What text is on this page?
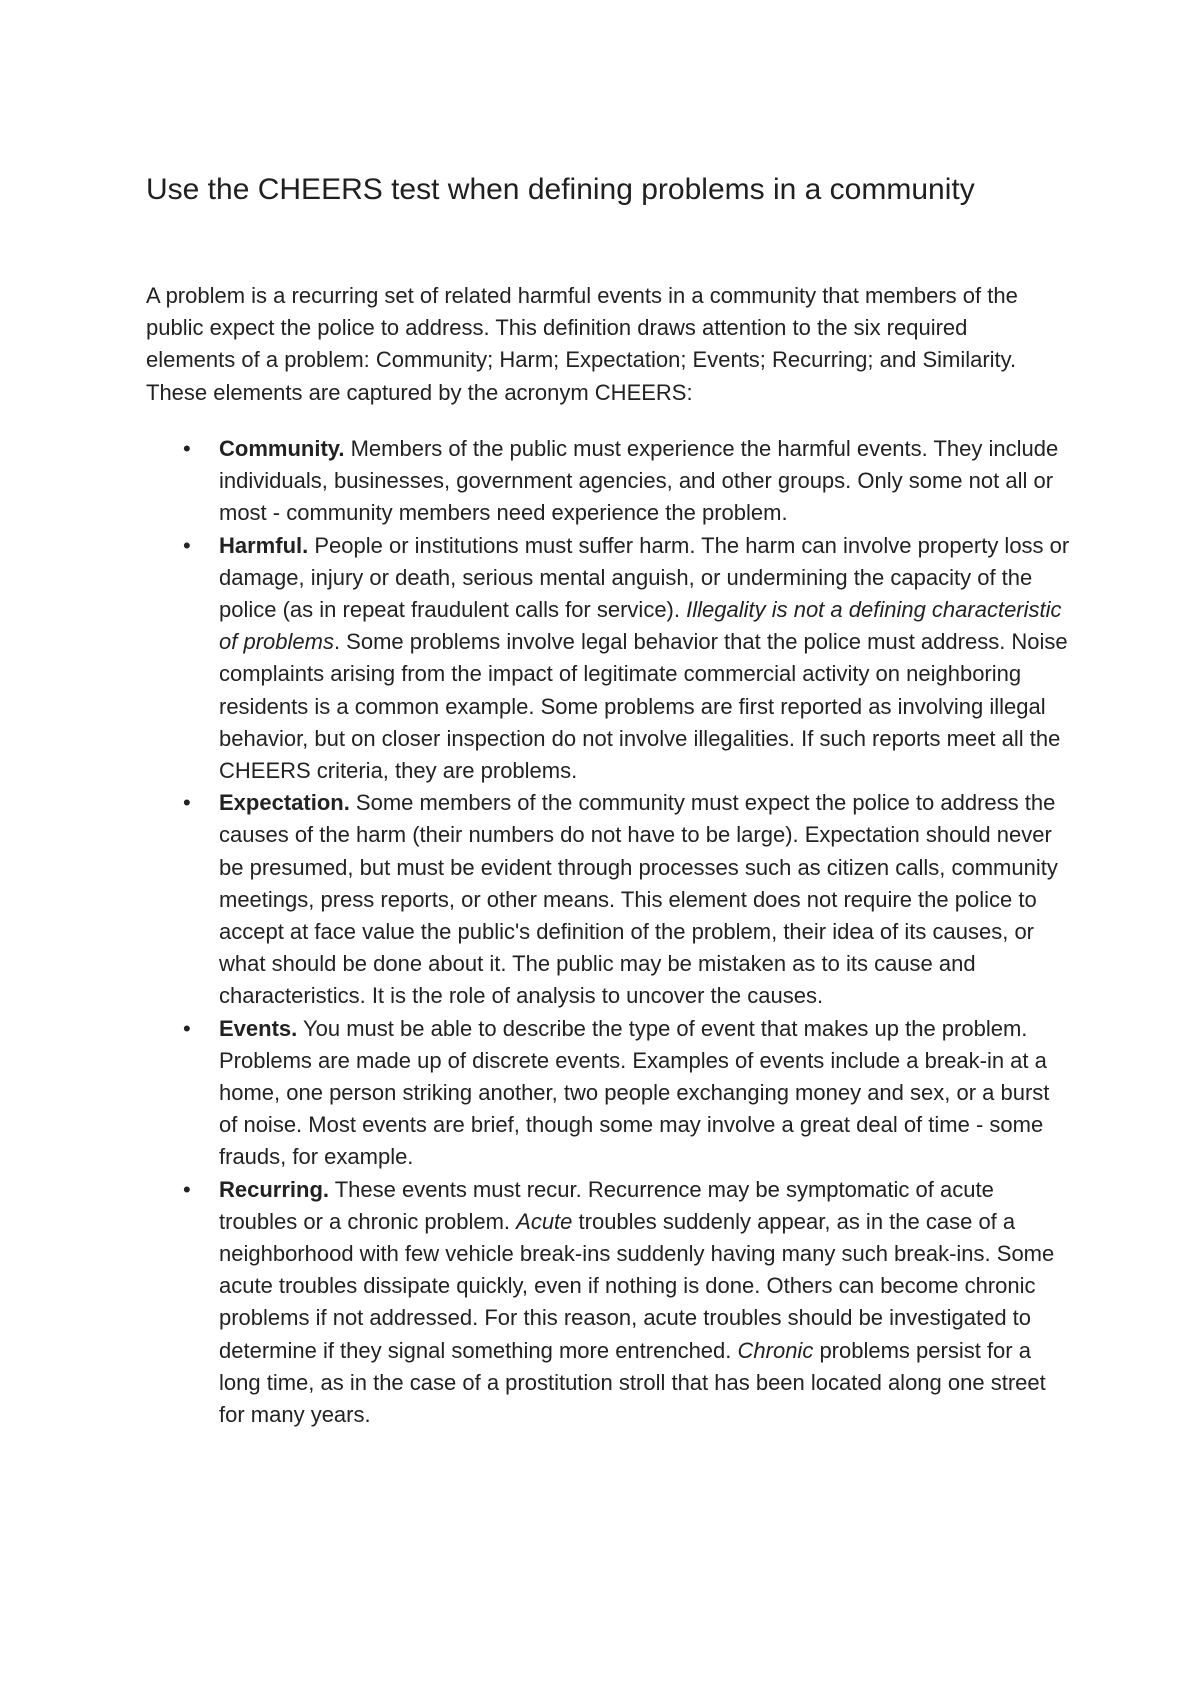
Use the CHEERS test when defining problems in a community

A problem is a recurring set of related harmful events in a community that members of the public expect the police to address. This definition draws attention to the six required elements of a problem: Community; Harm; Expectation; Events; Recurring; and Similarity. These elements are captured by the acronym CHEERS:

• Community. Members of the public must experience the harmful events. They include individuals, businesses, government agencies, and other groups. Only some not all or most - community members need experience the problem.
• Harmful. People or institutions must suffer harm. The harm can involve property loss or damage, injury or death, serious mental anguish, or undermining the capacity of the police (as in repeat fraudulent calls for service). Illegality is not a defining characteristic of problems. Some problems involve legal behavior that the police must address. Noise complaints arising from the impact of legitimate commercial activity on neighboring residents is a common example. Some problems are first reported as involving illegal behavior, but on closer inspection do not involve illegalities. If such reports meet all the CHEERS criteria, they are problems.
• Expectation. Some members of the community must expect the police to address the causes of the harm (their numbers do not have to be large). Expectation should never be presumed, but must be evident through processes such as citizen calls, community meetings, press reports, or other means. This element does not require the police to accept at face value the public's definition of the problem, their idea of its causes, or what should be done about it. The public may be mistaken as to its cause and characteristics. It is the role of analysis to uncover the causes.
• Events. You must be able to describe the type of event that makes up the problem. Problems are made up of discrete events. Examples of events include a break-in at a home, one person striking another, two people exchanging money and sex, or a burst of noise. Most events are brief, though some may involve a great deal of time - some frauds, for example.
• Recurring. These events must recur. Recurrence may be symptomatic of acute troubles or a chronic problem. Acute troubles suddenly appear, as in the case of a neighborhood with few vehicle break-ins suddenly having many such break-ins. Some acute troubles dissipate quickly, even if nothing is done. Others can become chronic problems if not addressed. For this reason, acute troubles should be investigated to determine if they signal something more entrenched. Chronic problems persist for a long time, as in the case of a prostitution stroll that has been located along one street for many years.
